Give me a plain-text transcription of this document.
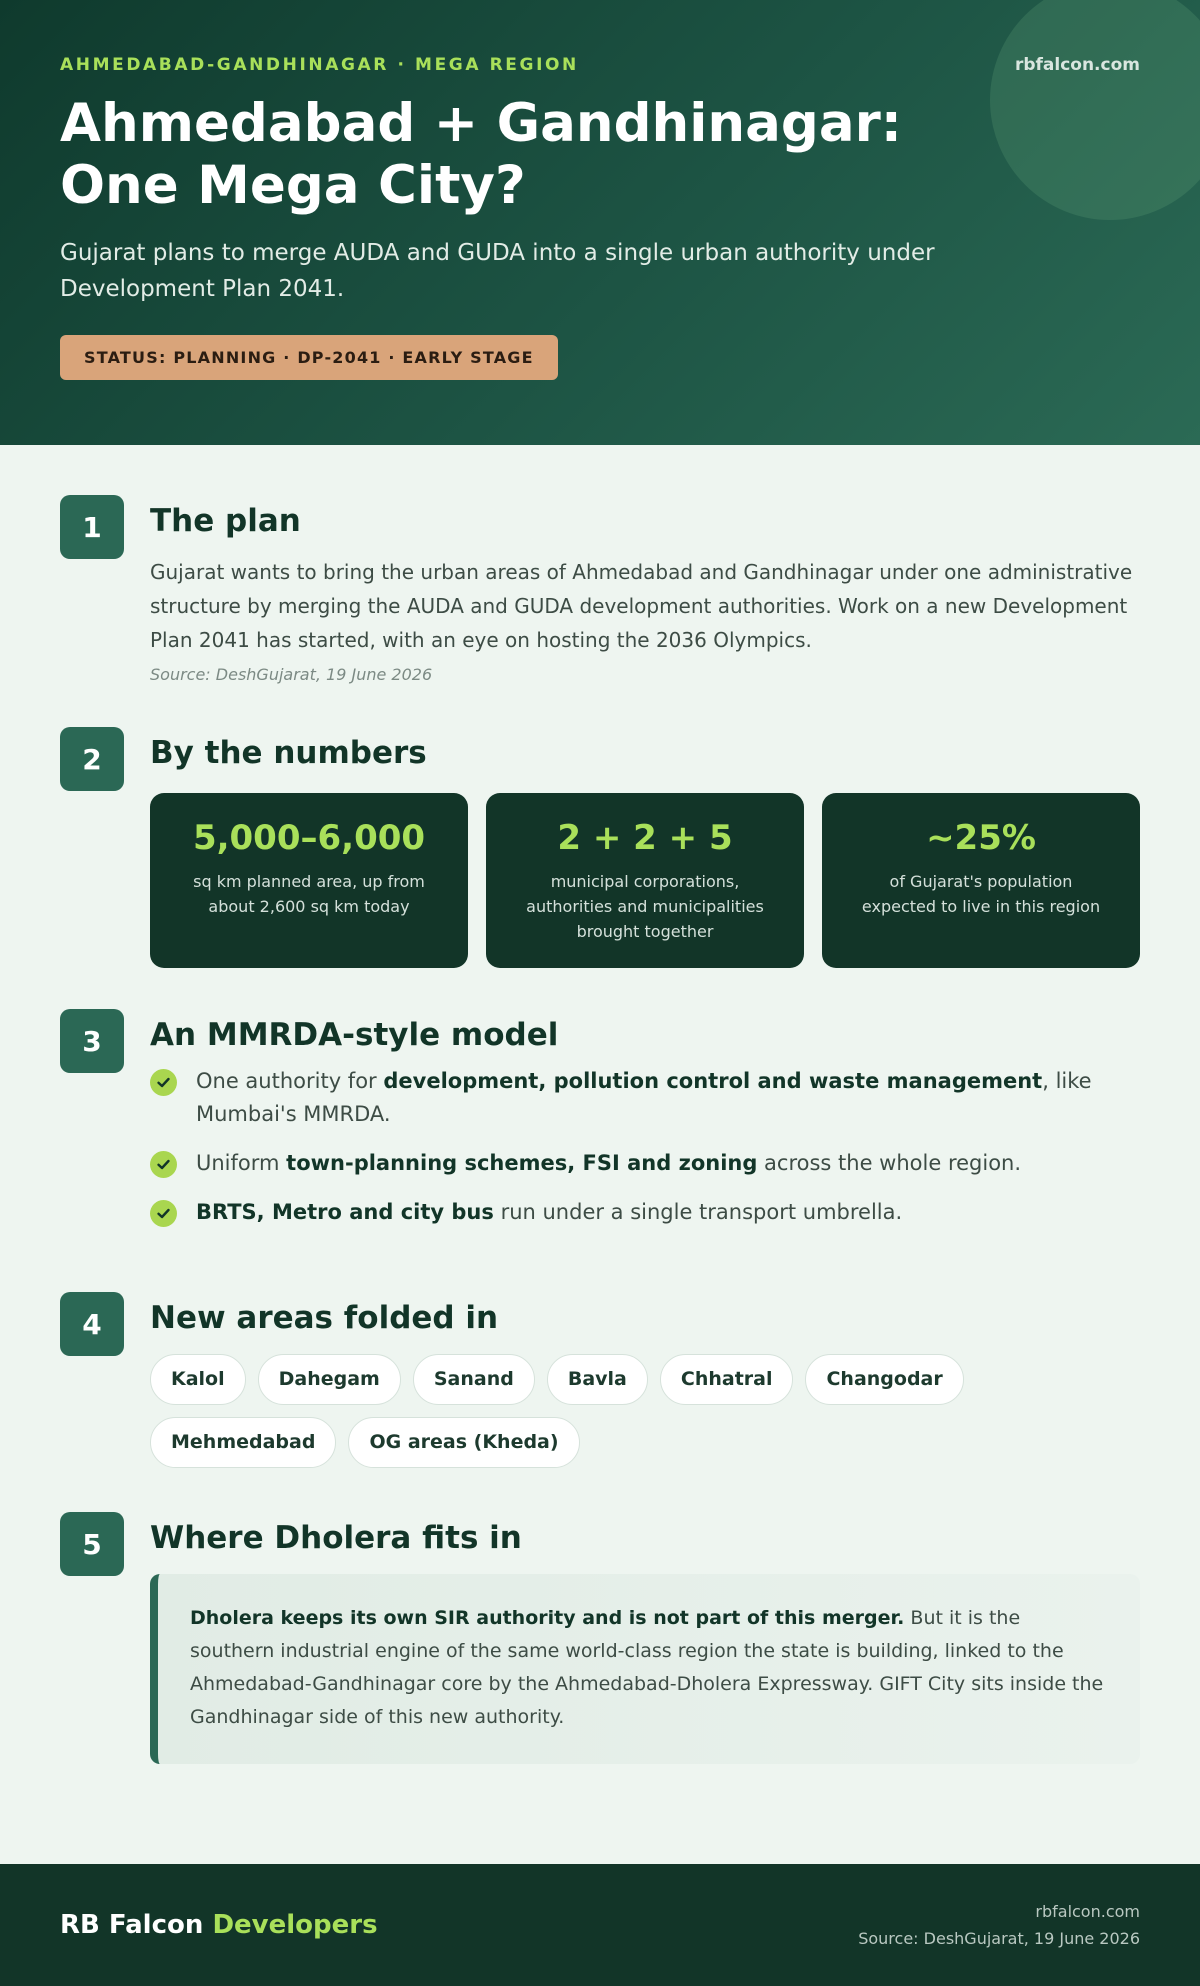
AHMEDABAD-GANDHINAGAR · MEGA REGION	rbfalcon.com
Ahmedabad + Gandhinagar:
One Mega City?

Gujarat plans to merge AUDA and GUDA into a single urban authority under Development Plan 2041.

STATUS: PLANNING · DP-2041 · EARLY STAGE
1	The plan

Gujarat wants to bring the urban areas of Ahmedabad and Gandhinagar under one administrative structure by merging the AUDA and GUDA development authorities. Work on a new Development Plan 2041 has started, with an eye on hosting the 2036 Olympics.

Source: DeshGujarat, 19 June 2026

2	By the numbers
5,000–6,000
sq km planned area, up from about 2,600 sq km today
2 + 2 + 5
municipal corporations, authorities and municipalities brought together
~25%
of Gujarat's population expected to live in this region
3	An MMRDA-style model
One authority for development, pollution control and waste management, like Mumbai's MMRDA.
Uniform town-planning schemes, FSI and zoning across the whole region.
BRTS, Metro and city bus run under a single transport umbrella.
4	New areas folded in
Kalol	Dahegam	Sanand	Bavla	Chhatral	Changodar
Mehmedabad	OG areas (Kheda)
5	Where Dholera fits in
Dholera keeps its own SIR authority and is not part of this merger. But it is the southern industrial engine of the same world-class region the state is building, linked to the Ahmedabad-Gandhinagar core by the Ahmedabad-Dholera Expressway. GIFT City sits inside the Gandhinagar side of this new authority.
RB Falcon Developers	rbfalcon.com
Source: DeshGujarat, 19 June 2026
